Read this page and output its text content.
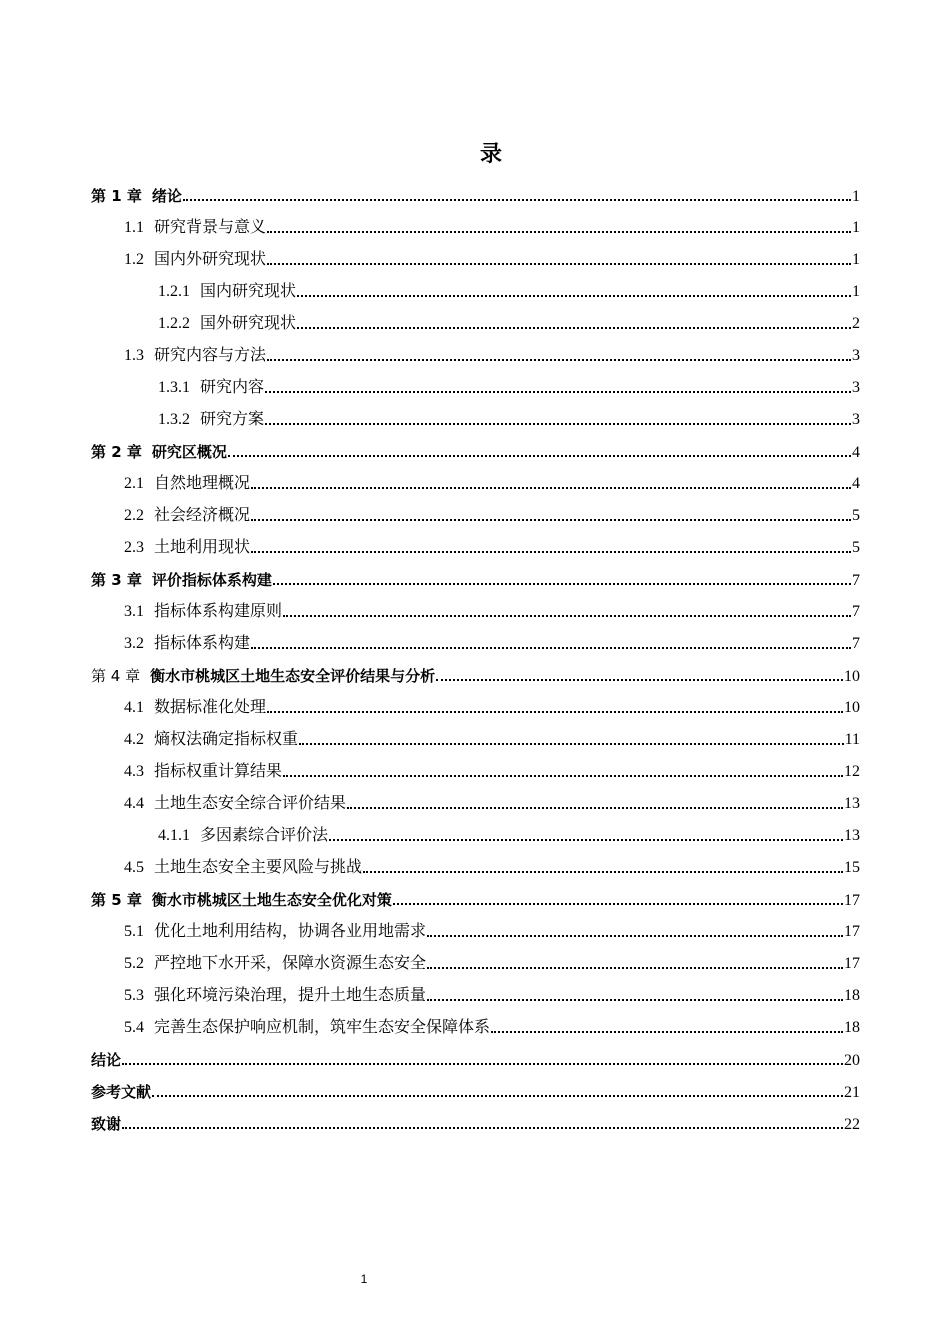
录
第 1 章 绪论	1
1.1 研究背景与意义	1
1.2 国内外研究现状	1
1.2.1 国内研究现状	1
1.2.2 国外研究现状	2
1.3 研究内容与方法	3
1.3.1 研究内容	3
1.3.2 研究方案	3
第 2 章 研究区概况	4
2.1 自然地理概况	4
2.2 社会经济概况	5
2.3 土地利用现状	5
第 3 章 评价指标体系构建	7
3.1 指标体系构建原则	7
3.2 指标体系构建	7
第 4 章 衡水市桃城区土地生态安全评价结果与分析	10
4.1 数据标准化处理	10
4.2 熵权法确定指标权重	11
4.3 指标权重计算结果	12
4.4 土地生态安全综合评价结果	13
4.1.1 多因素综合评价法	13
4.5 土地生态安全主要风险与挑战	15
第 5 章 衡水市桃城区土地生态安全优化对策	17
5.1 优化土地利用结构，协调各业用地需求	17
5.2 严控地下水开采，保障水资源生态安全	17
5.3 强化环境污染治理，提升土地生态质量	18
5.4 完善生态保护响应机制，筑牢生态安全保障体系	18
结论	20
参考文献	21
致谢	22
1
